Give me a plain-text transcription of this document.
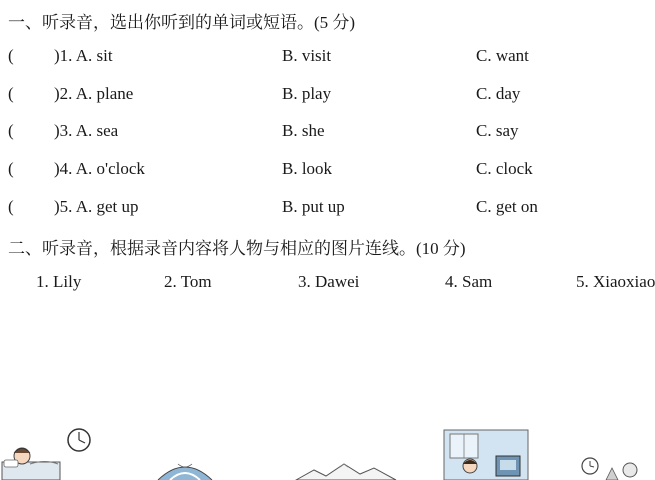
一、听录音，选出你听到的单词或短语。(5 分)
( )1. A. sit	B. visit	C. want
( )2. A. plane	B. play	C. day
( )3. A. sea	B. she	C. say
( )4. A. o'clock	B. look	C. clock
( )5. A. get up	B. put up	C. get on
二、听录音，根据录音内容将人物与相应的图片连线。(10 分)
1. Lily	2. Tom	3. Dawei	4. Sam	5. Xiaoxiao
